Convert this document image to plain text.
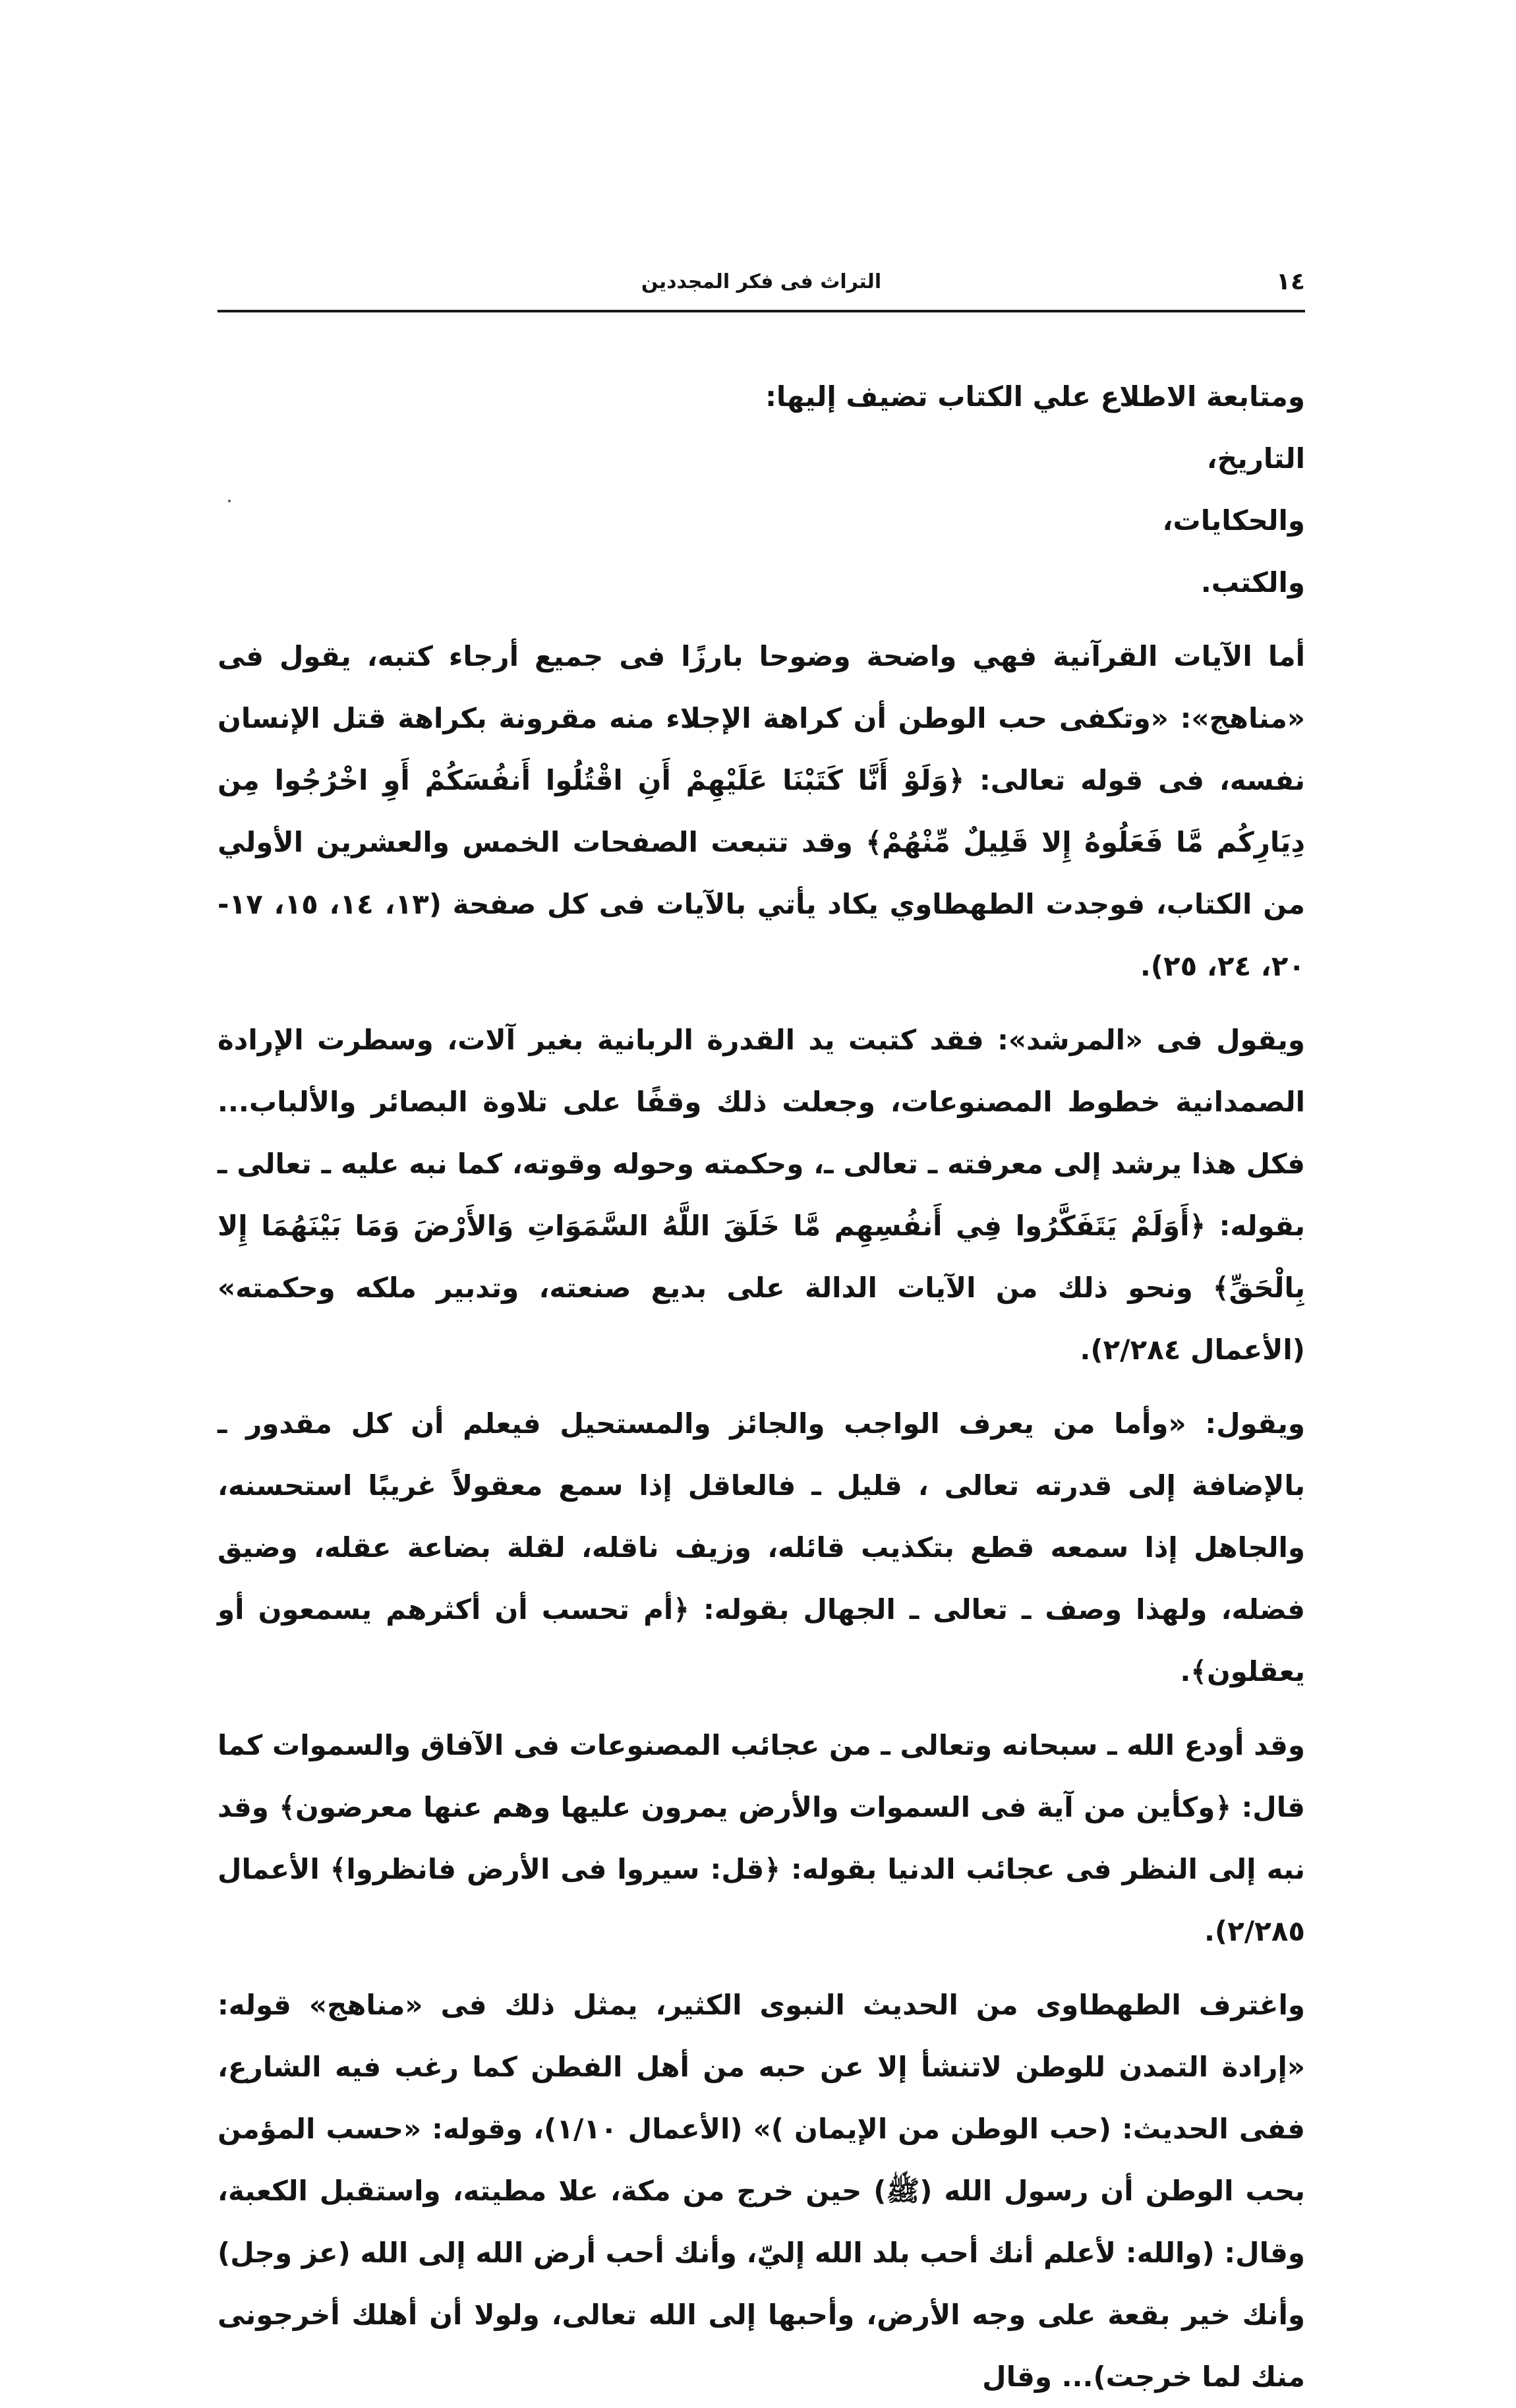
١٤
التراث فى فكر المجددين

ومتابعة الاطلاع علي الكتاب تضيف إليها:

التاريخ،

والحكايات،

والكتب.

أما الآيات القرآنية فهي واضحة وضوحا بارزًا فى جميع أرجاء كتبه، يقول فى «مناهج»: «وتكفى حب الوطن أن كراهة الإجلاء منه مقرونة بكراهة قتل الإنسان نفسه، فى قوله تعالى: ﴿وَلَوْ أَنَّا كَتَبْنَا عَلَيْهِمْ أَنِ اقْتُلُوا أَنفُسَكُمْ أَوِ اخْرُجُوا مِن دِيَارِكُم مَّا فَعَلُوهُ إِلا قَلِيلٌ مِّنْهُمْ﴾ وقد تتبعت الصفحات الخمس والعشرين الأولي من الكتاب، فوجدت الطهطاوي يكاد يأتي بالآيات فى كل صفحة (١٣، ١٤، ١٥، ١٧- ٢٠، ٢٤، ٢٥).

ويقول فى «المرشد»: فقد كتبت يد القدرة الربانية بغير آلات، وسطرت الإرادة الصمدانية خطوط المصنوعات، وجعلت ذلك وقفًا على تلاوة البصائر والألباب... فكل هذا يرشد إلى معرفته ـ تعالى ـ، وحكمته وحوله وقوته، كما نبه عليه ـ تعالى ـ بقوله: ﴿أَوَلَمْ يَتَفَكَّرُوا فِي أَنفُسِهِم مَّا خَلَقَ اللَّهُ السَّمَوَاتِ وَالأَرْضَ وَمَا بَيْنَهُمَا إِلا بِالْحَقِّ﴾ ونحو ذلك من الآيات الدالة على بديع صنعته، وتدبير ملكه وحكمته» (الأعمال ٢/٢٨٤).

ويقول: «وأما من يعرف الواجب والجائز والمستحيل فيعلم أن كل مقدور ـ بالإضافة إلى قدرته تعالى ، قليل ـ فالعاقل إذا سمع معقولاً غريبًا استحسنه، والجاهل إذا سمعه قطع بتكذيب قائله، وزيف ناقله، لقلة بضاعة عقله، وضيق فضله، ولهذا وصف ـ تعالى ـ الجهال بقوله: ﴿أم تحسب أن أكثرهم يسمعون أو يعقلون﴾.

وقد أودع الله ـ سبحانه وتعالى ـ من عجائب المصنوعات فى الآفاق والسموات كما قال: ﴿وكأين من آية فى السموات والأرض يمرون عليها وهم عنها معرضون﴾ وقد نبه إلى النظر فى عجائب الدنيا بقوله: ﴿قل: سيروا فى الأرض فانظروا﴾ الأعمال ٢/٢٨٥).

واغترف الطهطاوى من الحديث النبوى الكثير، يمثل ذلك فى «مناهج» قوله: «إرادة التمدن للوطن لاتنشأ إلا عن حبه من أهل الفطن كما رغب فيه الشارع، ففى الحديث: (حب الوطن من الإيمان )» (الأعمال ١/١٠)، وقوله: «حسب المؤمن بحب الوطن أن رسول الله (ﷺ) حين خرج من مكة، علا مطيته، واستقبل الكعبة، وقال: (والله: لأعلم أنك أحب بلد الله إليّ، وأنك أحب أرض الله إلى الله (عز وجل) وأنك خير بقعة على وجه الأرض، وأحبها إلى الله تعالى، ولولا أن أهلك أخرجونى منك لما خرجت)... وقال
